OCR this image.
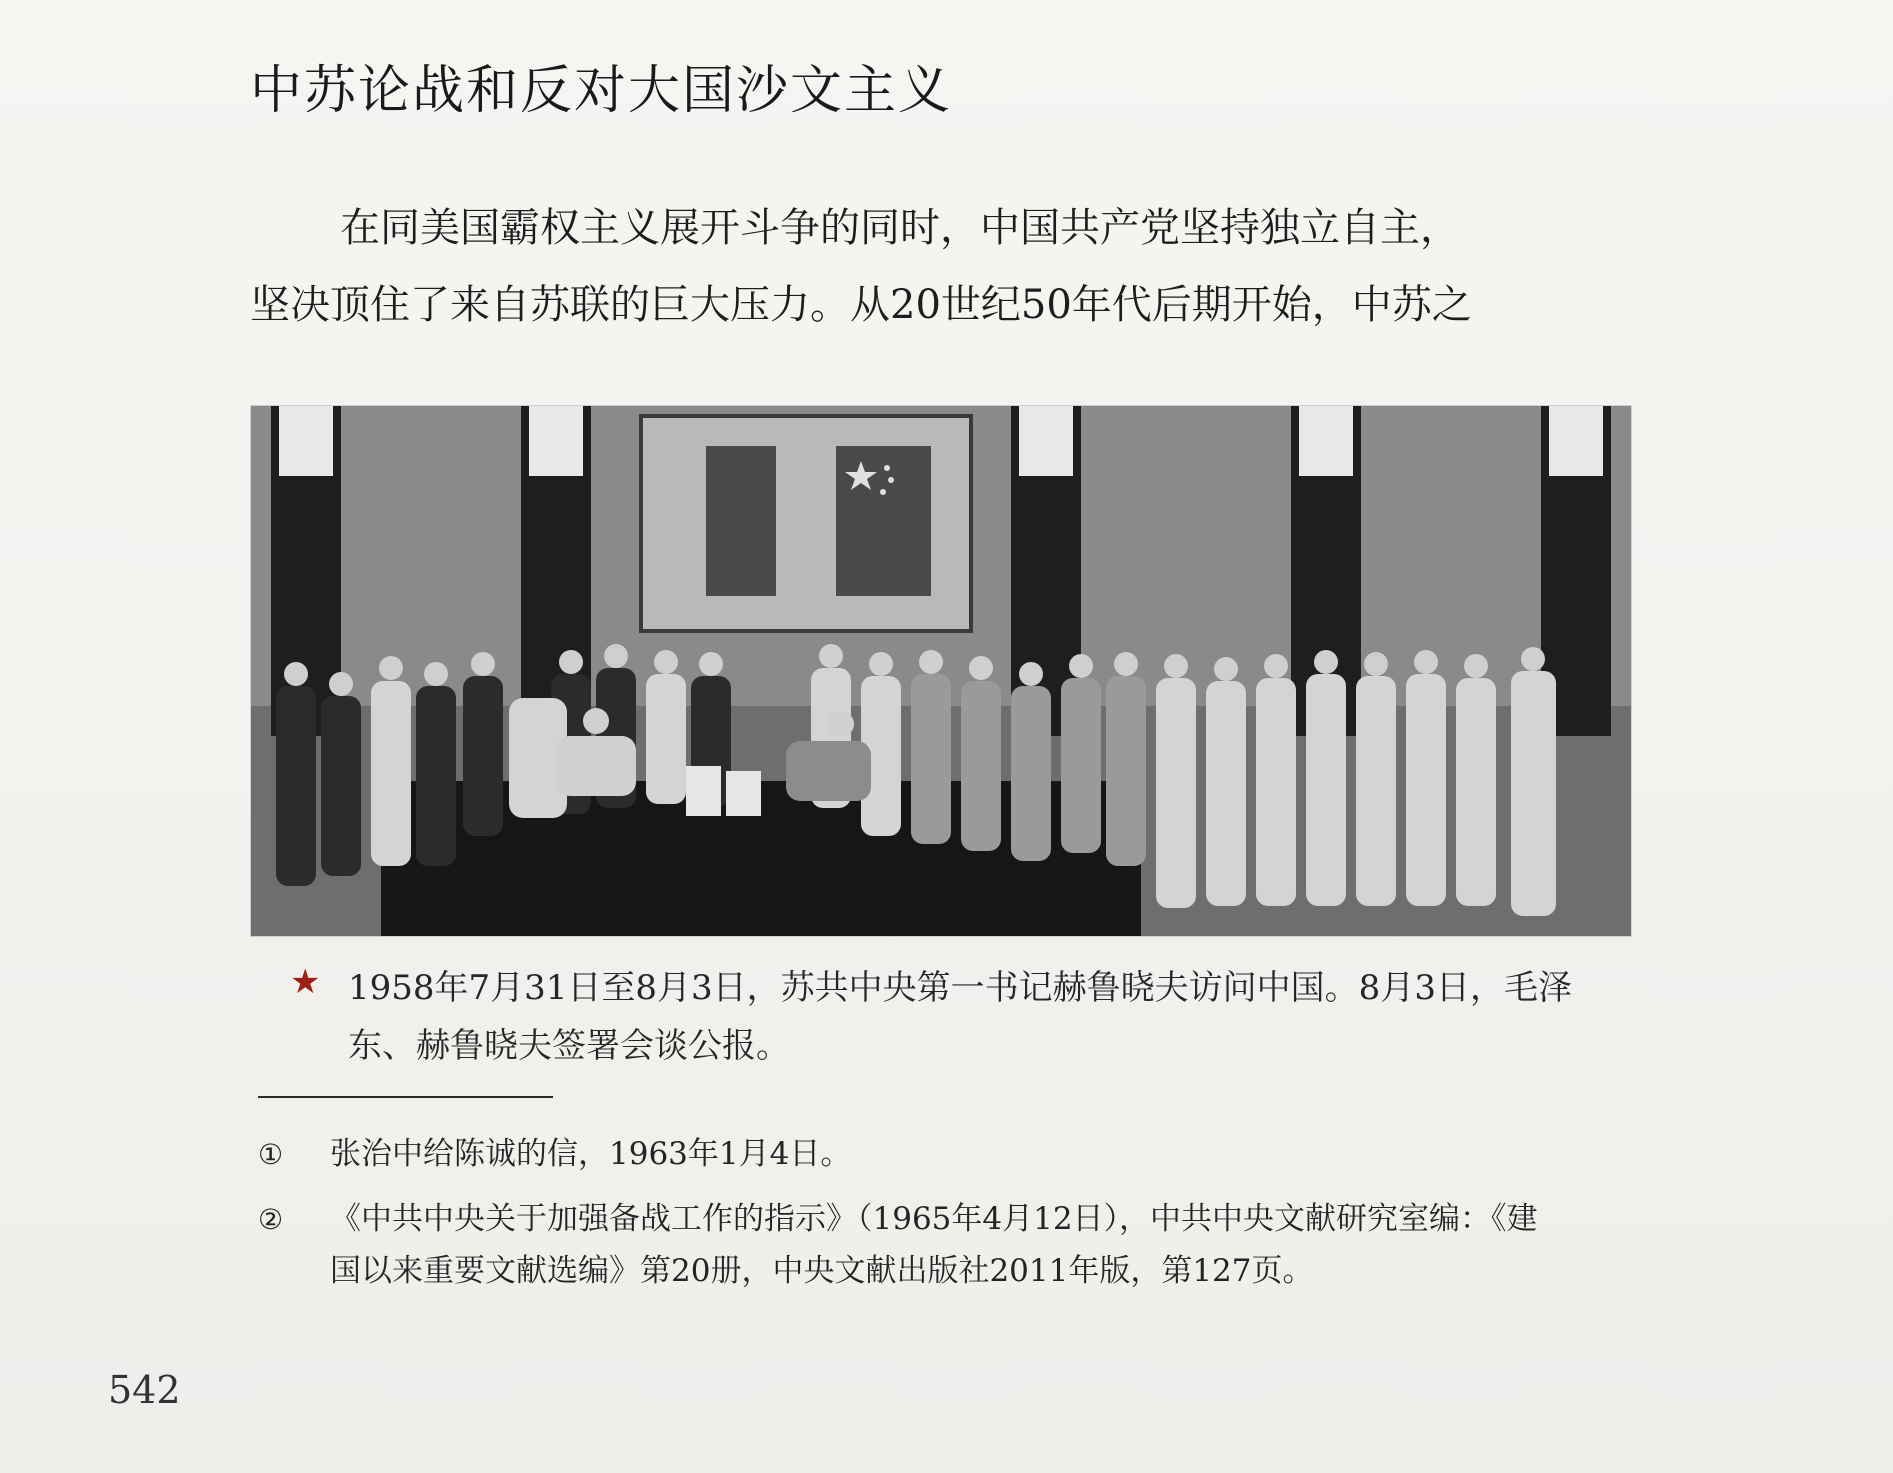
中苏论战和反对大国沙文主义
在同美国霸权主义展开斗争的同时，中国共产党坚持独立自主，
坚决顶住了来自苏联的巨大压力。从20世纪50年代后期开始，中苏之
★ 1958年7月31日至8月3日，苏共中央第一书记赫鲁晓夫访问中国。8月3日，毛泽
东、赫鲁晓夫签署会谈公报。
① 张治中给陈诚的信，1963年1月4日。
② 《中共中央关于加强备战工作的指示》（1965年4月12日），中共中央文献研究室编：《建
国以来重要文献选编》第20册，中央文献出版社2011年版，第127页。
542
